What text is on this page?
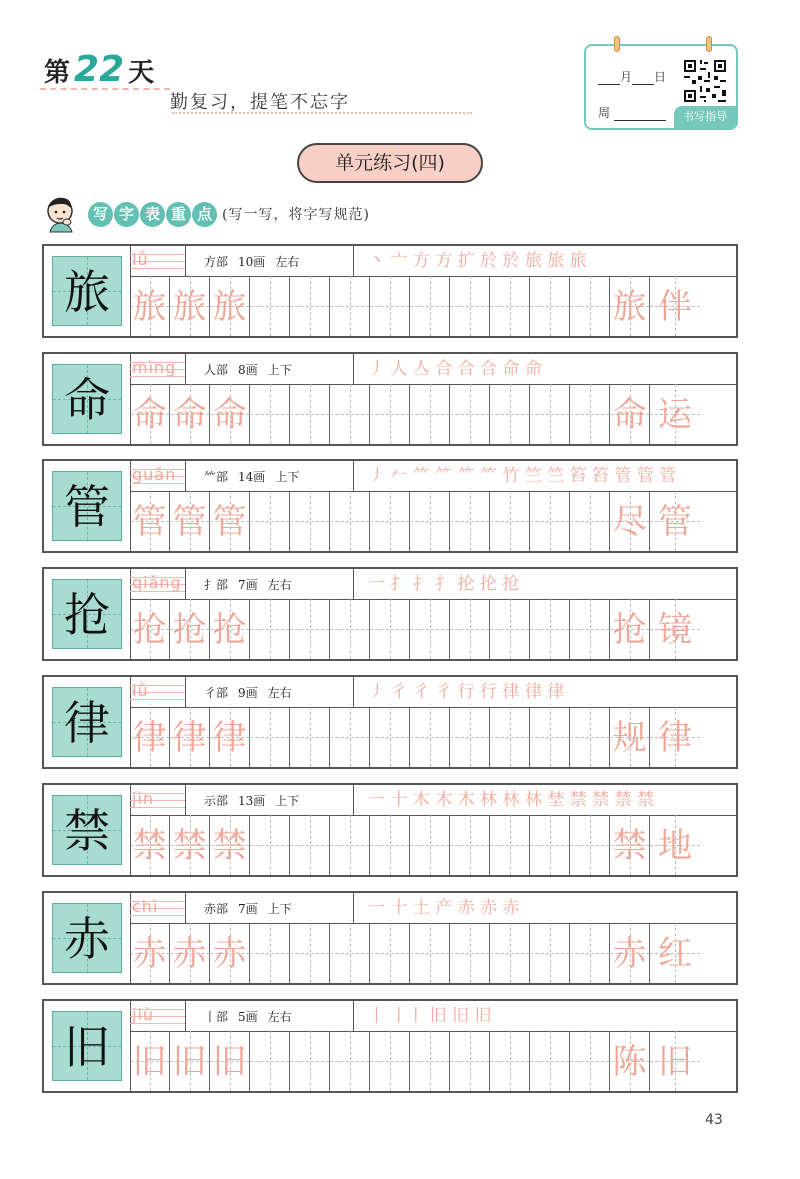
第 22 天
勤复习，提笔不忘字
月 日
周	书写指导
单元练习(四)
写 字 表 重 点 (写一写，将字写规范)
旅
lǚ	方部 10画 左右	丶 亠 方 方 扩 於 於 旅 旅 旅
旅 旅 旅	旅 伴
命
mìng 人部 8画 上下	丿 人 亼 合 合 合 命 命
命 命 命	命 运
管
guǎn ⺮部 14画 上下	丿 𠂉 ⺮ ⺮ ⺮ ⺮ 竹 竺 竺 笞 笞 管 管 管
管 管 管	尽 管
抢
qiǎng 扌部 7画 左右	一 扌 扌 扌 抡 抡 抢
抢 抢 抢	抢 镜
律
lǜ	彳部 9画 左右	丿 彳 彳 彳 行 行 律 律 律
律 律 律	规 律
禁
jìn	示部 13画 上下	一 十 木 木 木 林 林 林 埜 禁 禁 禁 禁
禁 禁 禁	禁 地
赤
chì	赤部 7画 上下	一 十 土 产 赤 赤 赤
赤 赤 赤	赤 红
旧
jiù	丨部 5画 左右	丨 丨丨 旧 旧 旧
旧 旧 旧	陈 旧
43
